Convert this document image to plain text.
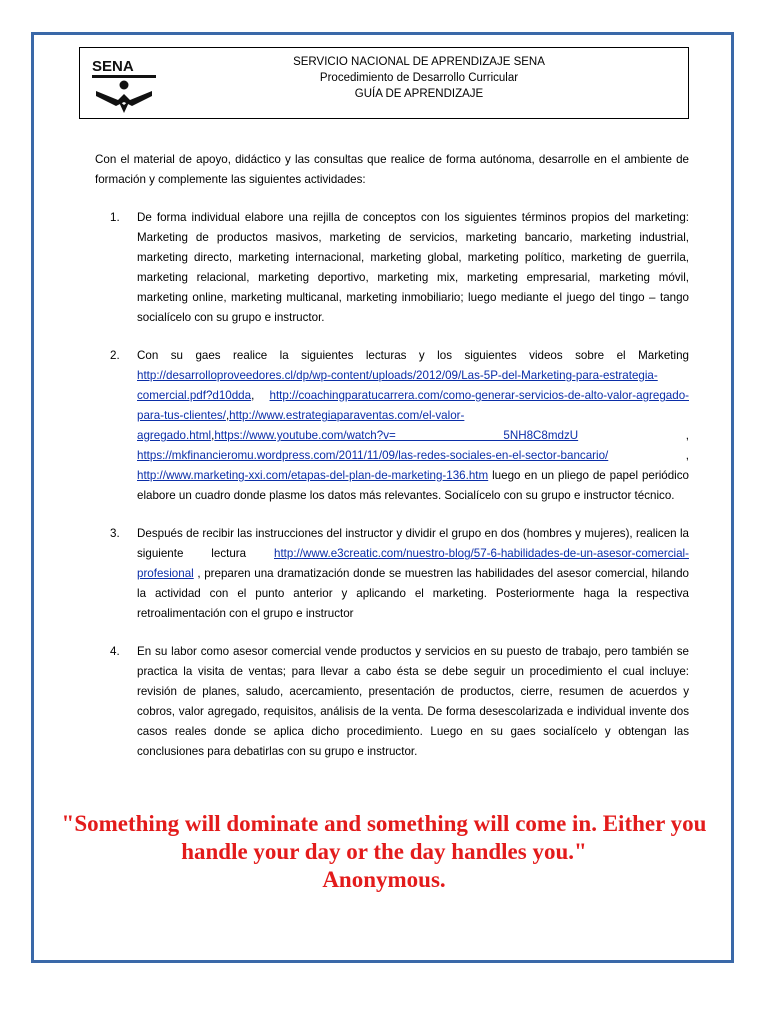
SENA	SERVICIO NACIONAL DE APRENDIZAJE SENA
Procedimiento de Desarrollo Curricular
GUÍA DE APRENDIZAJE

Con el material de apoyo, didáctico y las consultas que realice de forma autónoma, desarrolle en el ambiente de formación y complemente las siguientes actividades:

1. De forma individual elabore una rejilla de conceptos con los siguientes términos propios del marketing: Marketing de productos masivos, marketing de servicios, marketing bancario, marketing industrial, marketing directo, marketing internacional, marketing global, marketing político, marketing de guerrila, marketing relacional, marketing deportivo, marketing mix, marketing empresarial, marketing móvil, marketing online, marketing multicanal, marketing inmobiliario; luego mediante el juego del tingo – tango socialícelo con su grupo e instructor.
2. Con su gaes realice la siguientes lecturas y los siguientes videos sobre el Marketing http://desarrolloproveedores.cl/dp/wp-content/uploads/2012/09/Las-5P-del-Marketing-para-estrategia-comercial.pdf?d10dda, http://coachingparatucarrera.com/como-generar-servicios-de-alto-valor-agregado-para-tus-clientes/,http://www.estrategiaparaventas.com/el-valor-agregado.html,https://www.youtube.com/watch?v= 5NH8C8mdzU , https://mkfinancieromu.wordpress.com/2011/11/09/las-redes-sociales-en-el-sector-bancario/ , http://www.marketing-xxi.com/etapas-del-plan-de-marketing-136.htm luego en un pliego de papel periódico elabore un cuadro donde plasme los datos más relevantes. Socialícelo con su grupo e instructor técnico.
3. Después de recibir las instrucciones del instructor y dividir el grupo en dos (hombres y mujeres), realicen la siguiente lectura http://www.e3creatic.com/nuestro-blog/57-6-habilidades-de-un-asesor-comercial-profesional , preparen una dramatización donde se muestren las habilidades del asesor comercial, hilando la actividad con el punto anterior y aplicando el marketing. Posteriormente haga la respectiva retroalimentación con el grupo e instructor
4. En su labor como asesor comercial vende productos y servicios en su puesto de trabajo, pero también se practica la visita de ventas; para llevar a cabo ésta se debe seguir un procedimiento el cual incluye: revisión de planes, saludo, acercamiento, presentación de productos, cierre, resumen de acuerdos y cobros, valor agregado, requisitos, análisis de la venta. De forma desescolarizada e individual invente dos casos reales donde se aplica dicho procedimiento. Luego en su gaes socialícelo y obtengan las conclusiones para debatirlas con su grupo e instructor.
"Something will dominate and something will come in. Either you handle your day or the day handles you."
Anonymous.
